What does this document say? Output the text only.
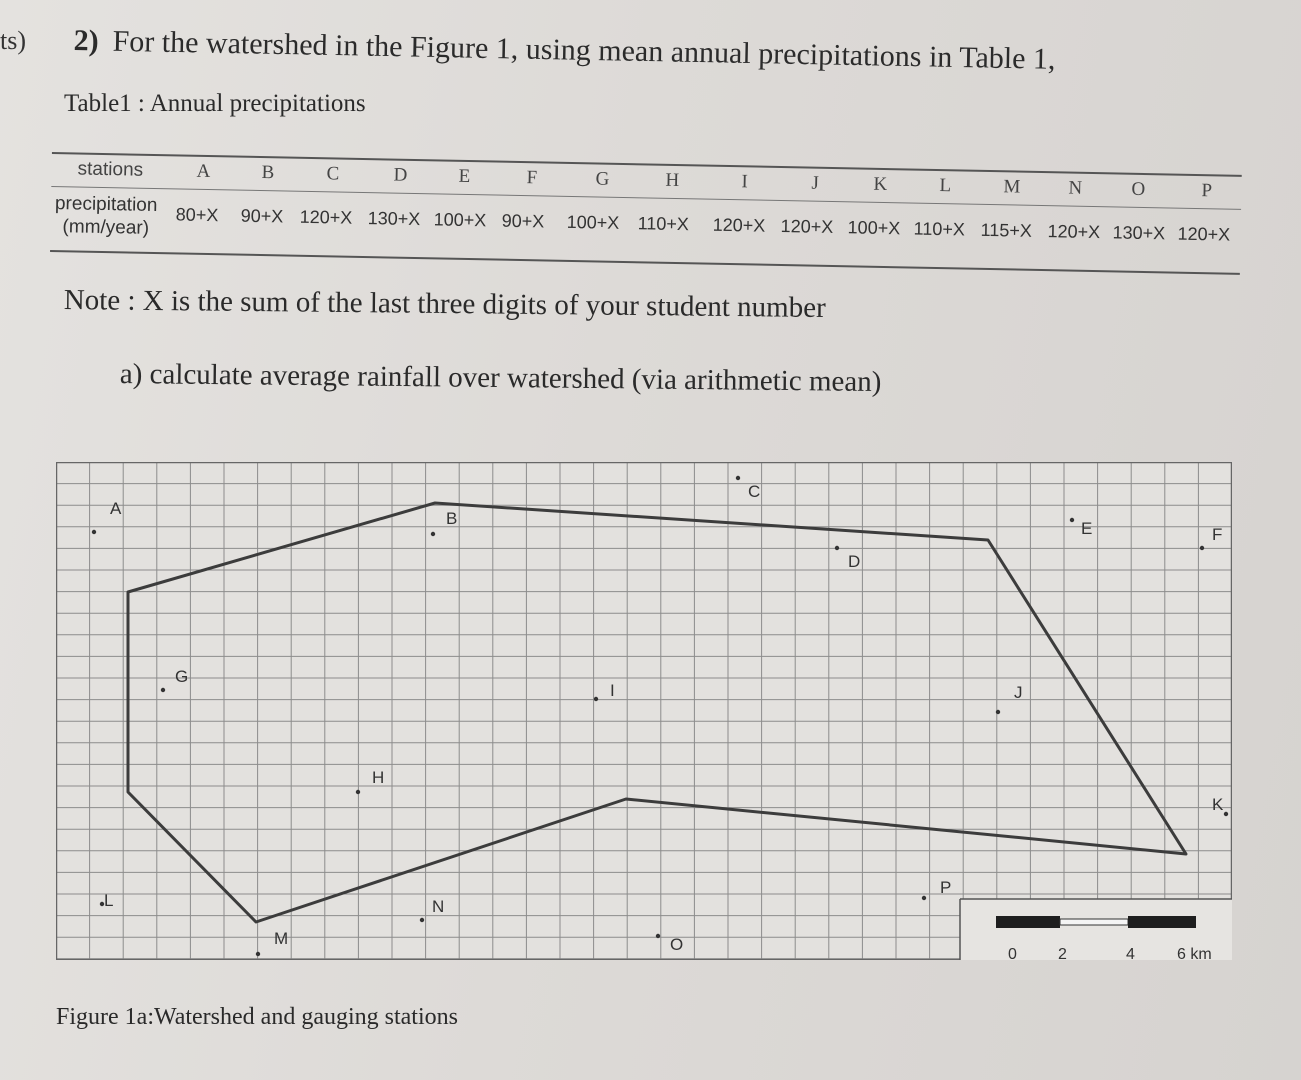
ts) 2) For the watershed in the Figure 1, using mean annual precipitations in Table 1,
Table1 : Annual precipitations
stations	A	B	C	D	E	F	G	H	I	J	K	L	M	N	O	P
precipitation
(mm/year)
80+X 90+X 120+X 130+X 100+X 90+X 100+X 110+X 120+X 120+X 100+X 110+X 115+X 120+X 130+X 120+X
Note : X is the sum of the last three digits of your student number
a) calculate average rainfall over watershed (via arithmetic mean)
A
B
C
D
E	F
G
H
I	J
K
L
M
N
O
P
0	2	4	6 km
Figure 1a:Watershed and gauging stations
